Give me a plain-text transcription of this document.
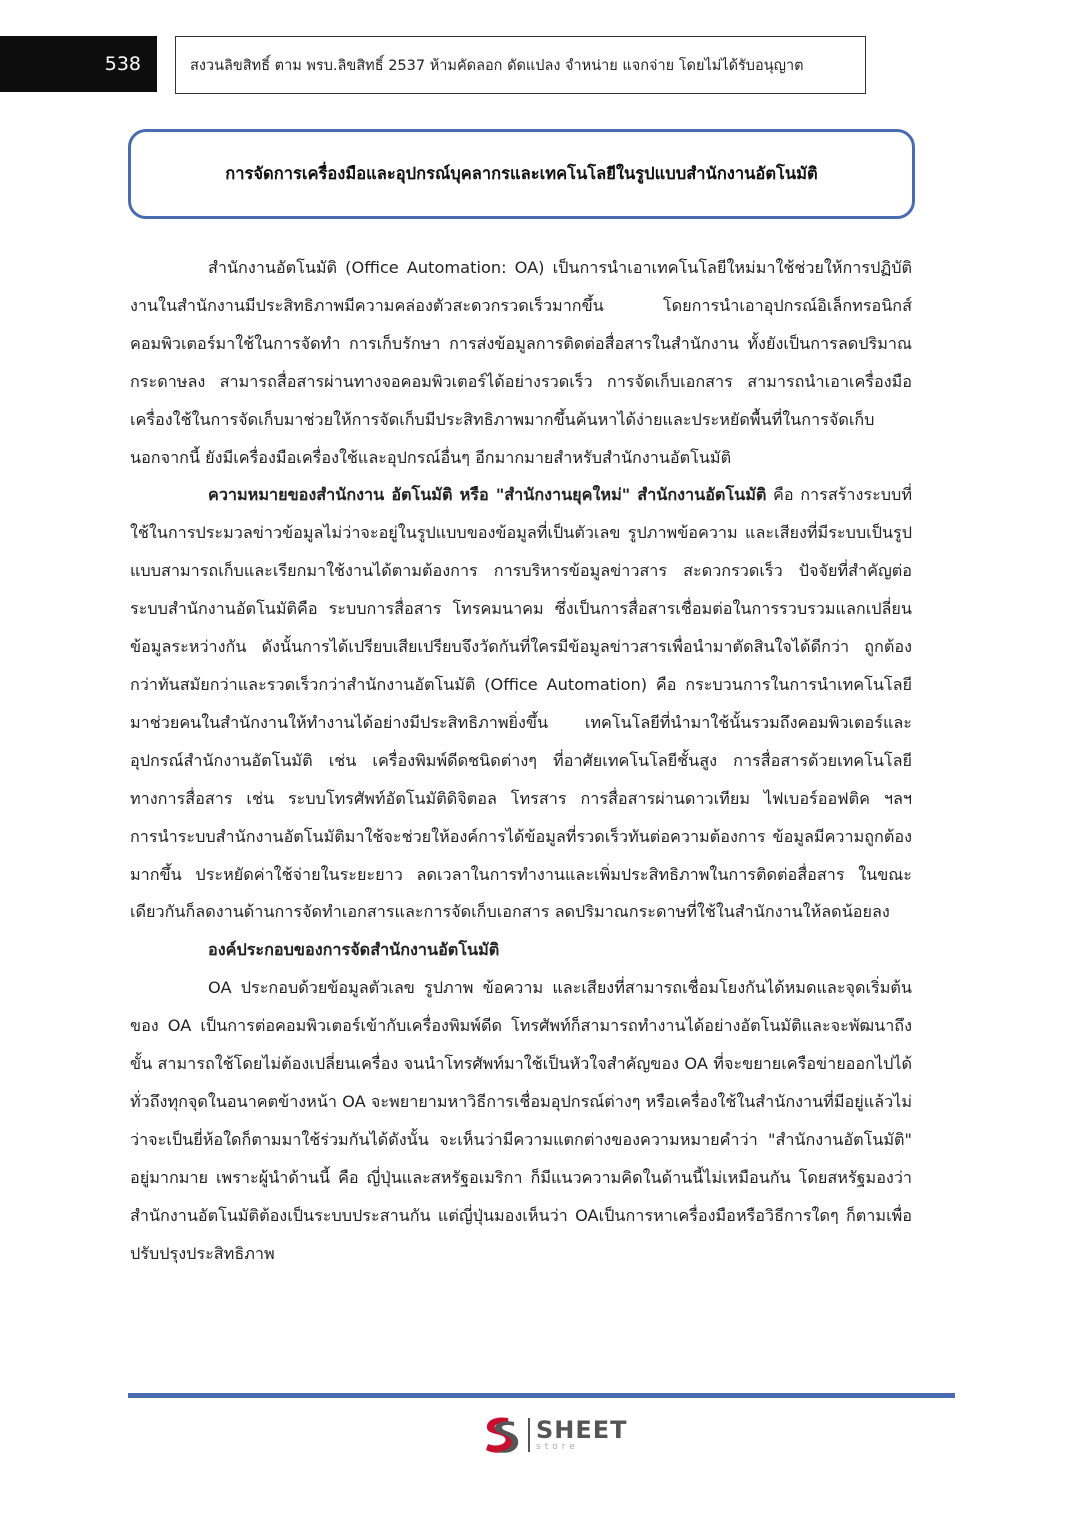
538	สงวนลิขสิทธิ์ ตาม พรบ.ลิขสิทธิ์ 2537 ห้ามคัดลอก ดัดแปลง จำหน่าย แจกจ่าย โดยไม่ได้รับอนุญาต
การจัดการเครื่องมือและอุปกรณ์บุคลากรและเทคโนโลยีในรูปแบบสำนักงานอัตโนมัติ

สำนักงานอัตโนมัติ (Office Automation: OA) เป็นการนำเอาเทคโนโลยีใหม่มาใช้ช่วยให้การปฏิบัติงานในสำนักงานมีประสิทธิภาพมีความคล่องตัวสะดวกรวดเร็วมากขึ้น โดยการนำเอาอุปกรณ์อิเล็กทรอนิกส์คอมพิวเตอร์มาใช้ในการจัดทำ การเก็บรักษา การส่งข้อมูลการติดต่อสื่อสารในสำนักงาน ทั้งยังเป็นการลดปริมาณกระดาษลง สามารถสื่อสารผ่านทางจอคอมพิวเตอร์ได้อย่างรวดเร็ว การจัดเก็บเอกสาร สามารถนำเอาเครื่องมือเครื่องใช้ในการจัดเก็บมาช่วยให้การจัดเก็บมีประสิทธิภาพมากขึ้นค้นหาได้ง่ายและประหยัดพื้นที่ในการจัดเก็บ นอกจากนี้ ยังมีเครื่องมือเครื่องใช้และอุปกรณ์อื่นๆ อีกมากมายสำหรับสำนักงานอัตโนมัติ

ความหมายของสำนักงาน อัตโนมัติ หรือ "สำนักงานยุคใหม่" สำนักงานอัตโนมัติ คือ การสร้างระบบที่ใช้ในการประมวลข่าวข้อมูลไม่ว่าจะอยู่ในรูปแบบของข้อมูลที่เป็นตัวเลข รูปภาพข้อความ และเสียงที่มีระบบเป็นรูปแบบสามารถเก็บและเรียกมาใช้งานได้ตามต้องการ การบริหารข้อมูลข่าวสาร สะดวกรวดเร็ว ปัจจัยที่สำคัญต่อระบบสำนักงานอัตโนมัติคือ ระบบการสื่อสาร โทรคมนาคม ซึ่งเป็นการสื่อสารเชื่อมต่อในการรวบรวมแลกเปลี่ยนข้อมูลระหว่างกัน ดังนั้นการได้เปรียบเสียเปรียบจึงวัดกันที่ใครมีข้อมูลข่าวสารเพื่อนำมาตัดสินใจได้ดีกว่า ถูกต้องกว่าทันสมัยกว่าและรวดเร็วกว่าสำนักงานอัตโนมัติ (Office Automation) คือ กระบวนการในการนำเทคโนโลยีมาช่วยคนในสำนักงานให้ทำงานได้อย่างมีประสิทธิภาพยิ่งขึ้น เทคโนโลยีที่นำมาใช้นั้นรวมถึงคอมพิวเตอร์และอุปกรณ์สำนักงานอัตโนมัติ เช่น เครื่องพิมพ์ดีดชนิดต่างๆ ที่อาศัยเทคโนโลยีชั้นสูง การสื่อสารด้วยเทคโนโลยีทางการสื่อสาร เช่น ระบบโทรศัพท์อัตโนมัติดิจิตอล โทรสาร การสื่อสารผ่านดาวเทียม ไฟเบอร์ออฟติค ฯลฯ การนำระบบสำนักงานอัตโนมัติมาใช้จะช่วยให้องค์การได้ข้อมูลที่รวดเร็วทันต่อความต้องการ ข้อมูลมีความถูกต้องมากขึ้น ประหยัดค่าใช้จ่ายในระยะยาว ลดเวลาในการทำงานและเพิ่มประสิทธิภาพในการติดต่อสื่อสาร ในขณะเดียวกันก็ลดงานด้านการจัดทำเอกสารและการจัดเก็บเอกสาร ลดปริมาณกระดาษที่ใช้ในสำนักงานให้ลดน้อยลง

องค์ประกอบของการจัดสำนักงานอัตโนมัติ

OA ประกอบด้วยข้อมูลตัวเลข รูปภาพ ข้อความ และเสียงที่สามารถเชื่อมโยงกันได้หมดและจุดเริ่มต้นของ OA เป็นการต่อคอมพิวเตอร์เข้ากับเครื่องพิมพ์ดีด โทรศัพท์ก็สามารถทำงานได้อย่างอัตโนมัติและจะพัฒนาถึงขั้น สามารถใช้โดยไม่ต้องเปลี่ยนเครื่อง จนนำโทรศัพท์มาใช้เป็นหัวใจสำคัญของ OA ที่จะขยายเครือข่ายออกไปได้ทั่วถึงทุกจุดในอนาคตข้างหน้า OA จะพยายามหาวิธีการเชื่อมอุปกรณ์ต่างๆ หรือเครื่องใช้ในสำนักงานที่มีอยู่แล้วไม่ว่าจะเป็นยี่ห้อใดก็ตามมาใช้ร่วมกันได้ดังนั้น จะเห็นว่ามีความแตกต่างของความหมายคำว่า "สำนักงานอัตโนมัติ" อยู่มากมาย เพราะผู้นำด้านนี้ คือ ญี่ปุ่นและสหรัฐอเมริกา ก็มีแนวความคิดในด้านนี้ไม่เหมือนกัน โดยสหรัฐมองว่าสำนักงานอัตโนมัติต้องเป็นระบบประสานกัน แต่ญี่ปุ่นมองเห็นว่า OAเป็นการหาเครื่องมือหรือวิธีการใดๆ ก็ตามเพื่อปรับปรุงประสิทธิภาพ

SHEET
store
